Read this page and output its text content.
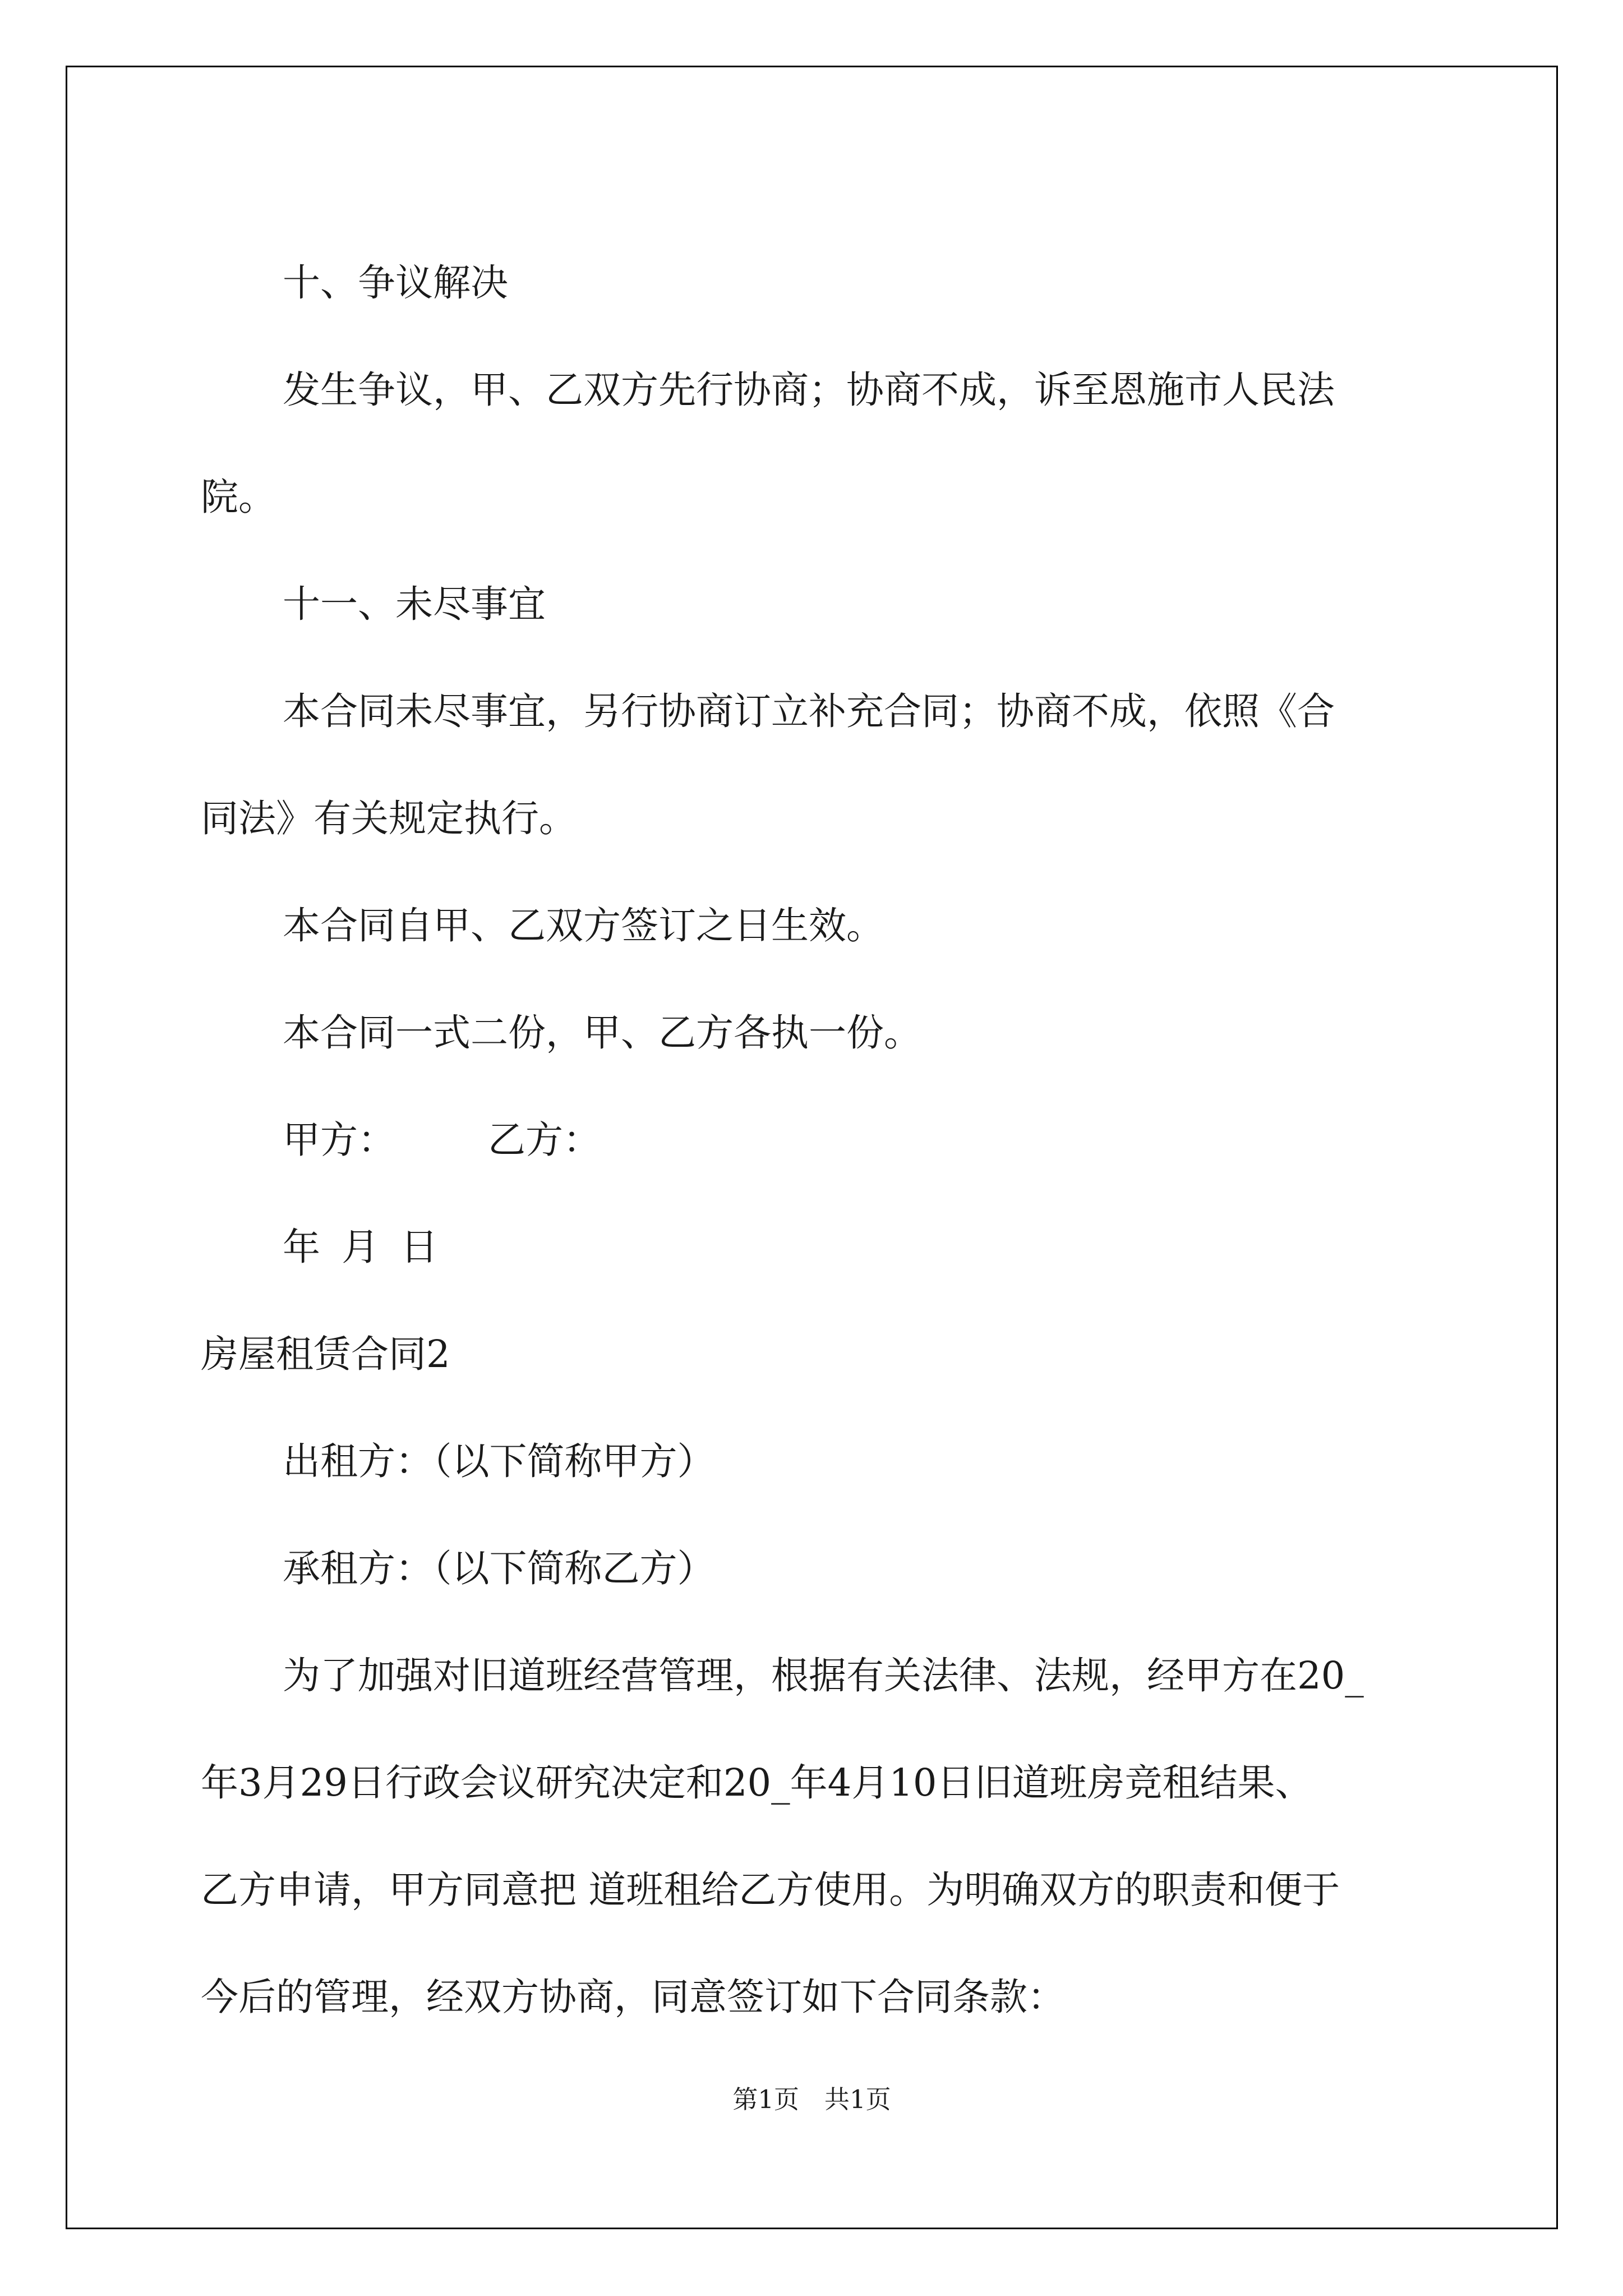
十、争议解决

发生争议，甲、乙双方先行协商；协商不成，诉至恩施市人民法

院。

十一、未尽事宜

本合同未尽事宜，另行协商订立补充合同；协商不成，依照《合

同法》有关规定执行。

本合同自甲、乙双方签订之日生效。

本合同一式二份，甲、乙方各执一份。

甲方： 乙方：

年 月 日

房屋租赁合同2

出租方：（以下简称甲方）

承租方：（以下简称乙方）

为了加强对旧道班经营管理，根据有关法律、法规，经甲方在20_

年3月29日行政会议研究决定和20_年4月10日旧道班房竞租结果、

乙方申请，甲方同意把 道班租给乙方使用。为明确双方的职责和便于

今后的管理，经双方协商，同意签订如下合同条款：

第1页　共1页
